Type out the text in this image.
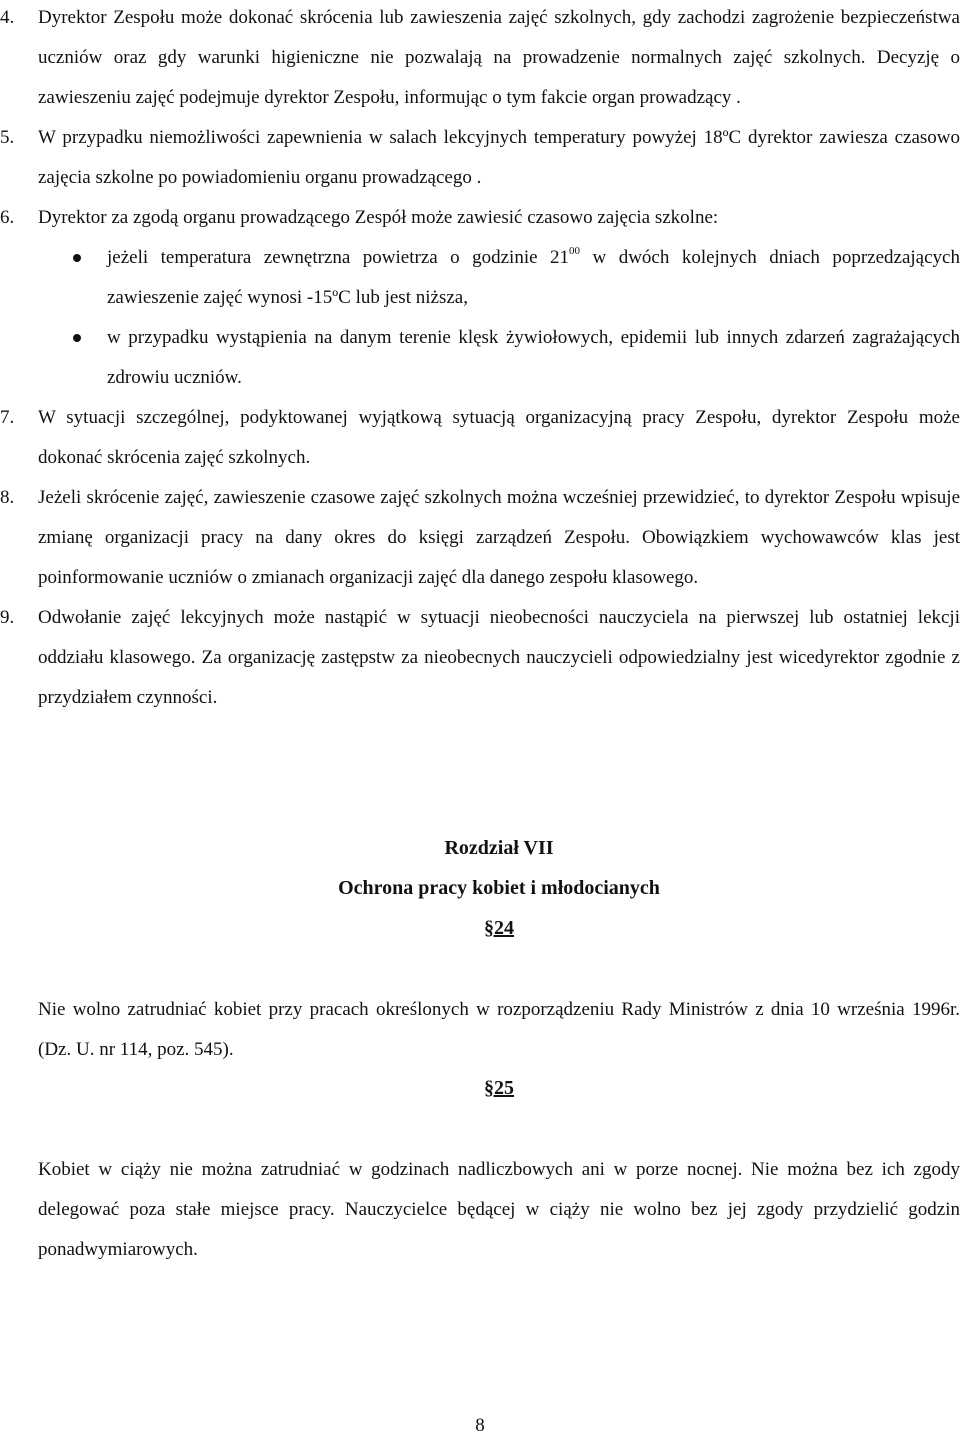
4. Dyrektor Zespołu może dokonać skrócenia lub zawieszenia zajęć szkolnych, gdy zachodzi zagrożenie bezpieczeństwa uczniów oraz gdy warunki higieniczne nie pozwalają na prowadzenie normalnych zajęć szkolnych. Decyzję o zawieszeniu zajęć podejmuje dyrektor Zespołu, informując o tym fakcie organ prowadzący .
5. W przypadku niemożliwości zapewnienia w salach lekcyjnych temperatury powyżej 18ºC dyrektor zawiesza czasowo zajęcia szkolne po powiadomieniu organu prowadzącego .
6. Dyrektor za zgodą organu prowadzącego Zespół może zawiesić czasowo zajęcia szkolne:
jeżeli temperatura zewnętrzna powietrza o godzinie $21^{00}$ w dwóch kolejnych dniach poprzedzających zawieszenie zajęć wynosi -15ºC lub jest niższa,
w przypadku wystąpienia na danym terenie klęsk żywiołowych, epidemii lub innych zdarzeń zagrażających zdrowiu uczniów.
7. W sytuacji szczególnej, podyktowanej wyjątkową sytuacją organizacyjną pracy Zespołu, dyrektor Zespołu może dokonać skrócenia zajęć szkolnych.
8. Jeżeli skrócenie zajęć, zawieszenie czasowe zajęć szkolnych można wcześniej przewidzieć, to dyrektor Zespołu wpisuje zmianę organizacji pracy na dany okres do księgi zarządzeń Zespołu. Obowiązkiem wychowawców klas jest poinformowanie uczniów o zmianach organizacji zajęć dla danego zespołu klasowego.
9. Odwołanie zajęć lekcyjnych może nastąpić w sytuacji nieobecności nauczyciela na pierwszej lub ostatniej lekcji oddziału klasowego. Za organizację zastępstw za nieobecnych nauczycieli odpowiedzialny jest wicedyrektor zgodnie z przydziałem czynności.
Rozdział VII
Ochrona pracy kobiet i młodocianych
§24
Nie wolno zatrudniać kobiet przy pracach określonych w rozporządzeniu Rady Ministrów z dnia 10 września 1996r. (Dz. U. nr 114, poz. 545).
§25
Kobiet w ciąży nie można zatrudniać w godzinach nadliczbowych ani w porze nocnej. Nie można bez ich zgody delegować poza stałe miejsce pracy. Nauczycielce będącej w ciąży nie wolno bez jej zgody przydzielić godzin ponadwymiarowych.
8
